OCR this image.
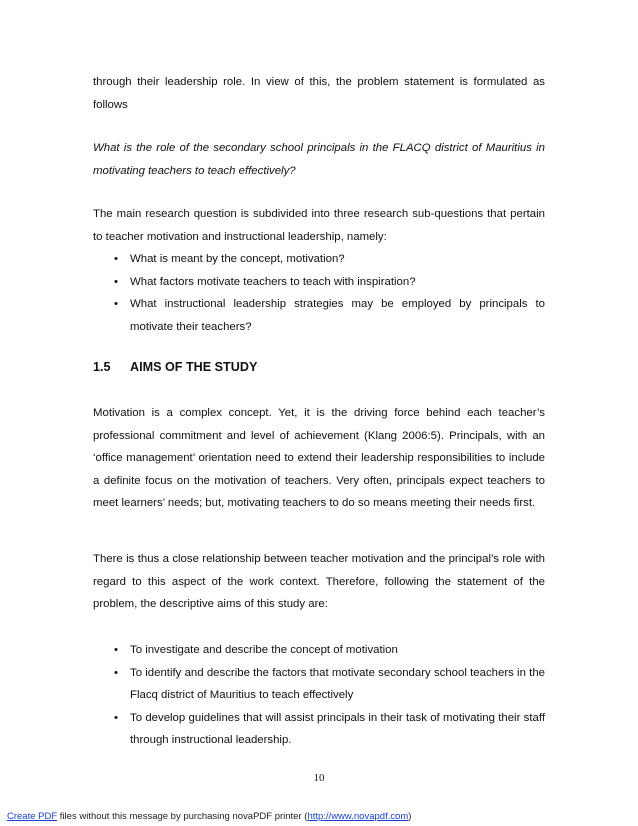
through their leadership role. In view of this, the problem statement is formulated as follows
What is the role of the secondary school principals in the FLACQ district of Mauritius in motivating teachers to teach effectively?
The main research question is subdivided into three research sub-questions that pertain to teacher motivation and instructional leadership, namely:
• What is meant by the concept, motivation?
• What factors motivate teachers to teach with inspiration?
• What instructional leadership strategies may be employed by principals to motivate their teachers?
1.5 AIMS OF THE STUDY
Motivation is a complex concept. Yet, it is the driving force behind each teacher’s professional commitment and level of achievement (Klang 2006:5). Principals, with an ‘office management’ orientation need to extend their leadership responsibilities to include a definite focus on the motivation of teachers. Very often, principals expect teachers to meet learners’ needs; but, motivating teachers to do so means meeting their needs first.
There is thus a close relationship between teacher motivation and the principal’s role with regard to this aspect of the work context. Therefore, following the statement of the problem, the descriptive aims of this study are:
• To investigate and describe the concept of motivation
• To identify and describe the factors that motivate secondary school teachers in the Flacq district of Mauritius to teach effectively
• To develop guidelines that will assist principals in their task of motivating their staff through instructional leadership.
10
Create PDF files without this message by purchasing novaPDF printer (http://www.novapdf.com)
